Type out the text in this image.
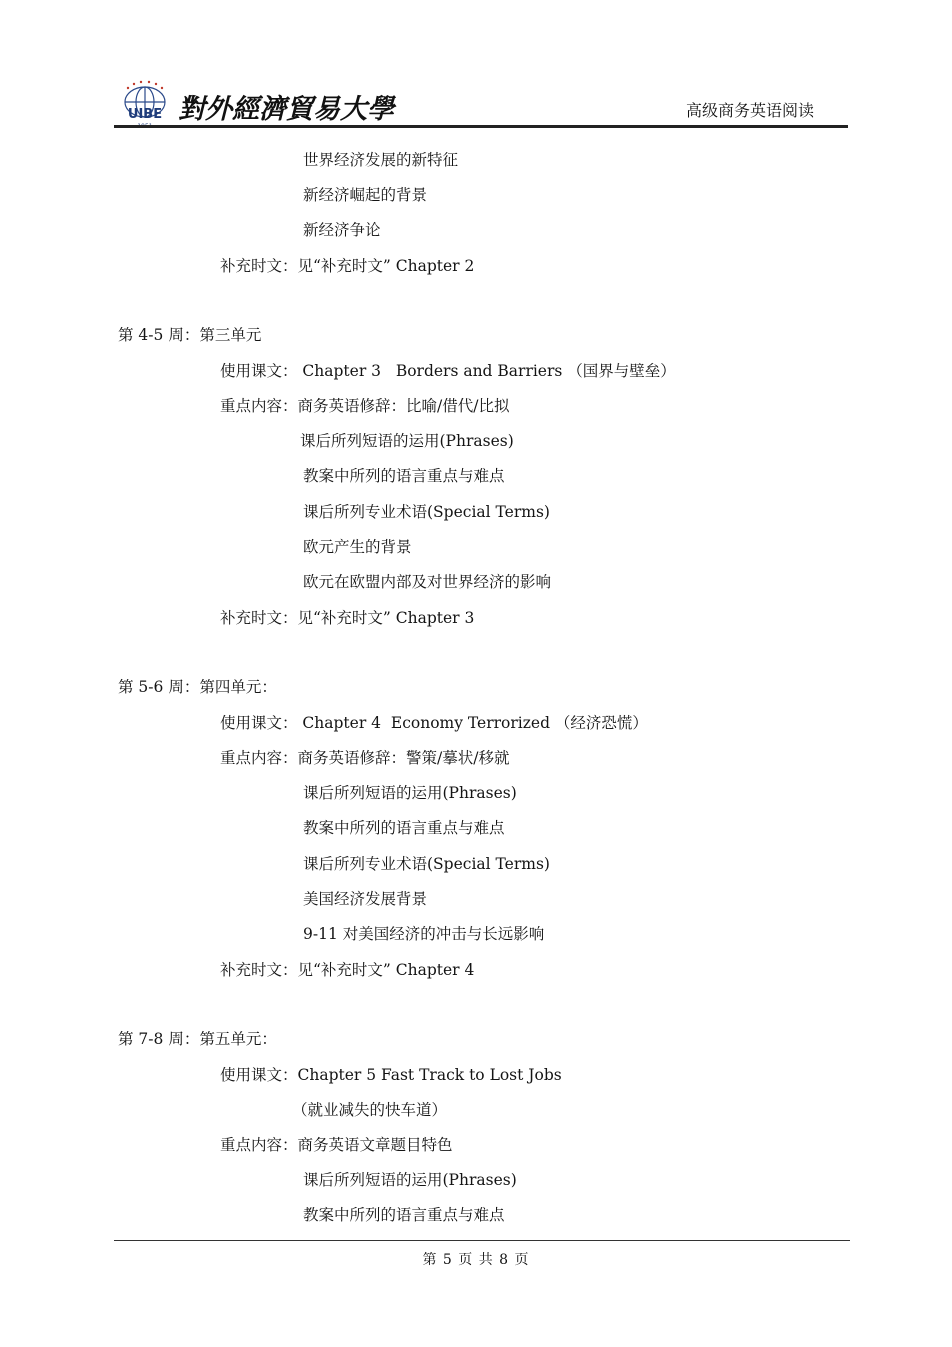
UIBE 對外經濟貿易大學	高级商务英语阅读
世界经济发展的新特征
新经济崛起的背景
新经济争论
补充时文：见“补充时文” Chapter 2
第 4-5 周：第三单元
使用课文： Chapter 3   Borders and Barriers （国界与壁垒）
重点内容：商务英语修辞：比喻/借代/比拟
课后所列短语的运用(Phrases)
教案中所列的语言重点与难点
课后所列专业术语(Special Terms)
欧元产生的背景
欧元在欧盟内部及对世界经济的影响
补充时文：见“补充时文” Chapter 3
第 5-6 周：第四单元：
使用课文： Chapter 4  Economy Terrorized （经济恐慌）
重点内容：商务英语修辞：警策/摹状/移就
课后所列短语的运用(Phrases)
教案中所列的语言重点与难点
课后所列专业术语(Special Terms)
美国经济发展背景
9-11 对美国经济的冲击与长远影响
补充时文：见“补充时文” Chapter 4
第 7-8 周：第五单元：
使用课文：Chapter 5 Fast Track to Lost Jobs
（就业减失的快车道）
重点内容：商务英语文章题目特色
课后所列短语的运用(Phrases)
教案中所列的语言重点与难点
第 5 页 共 8 页
